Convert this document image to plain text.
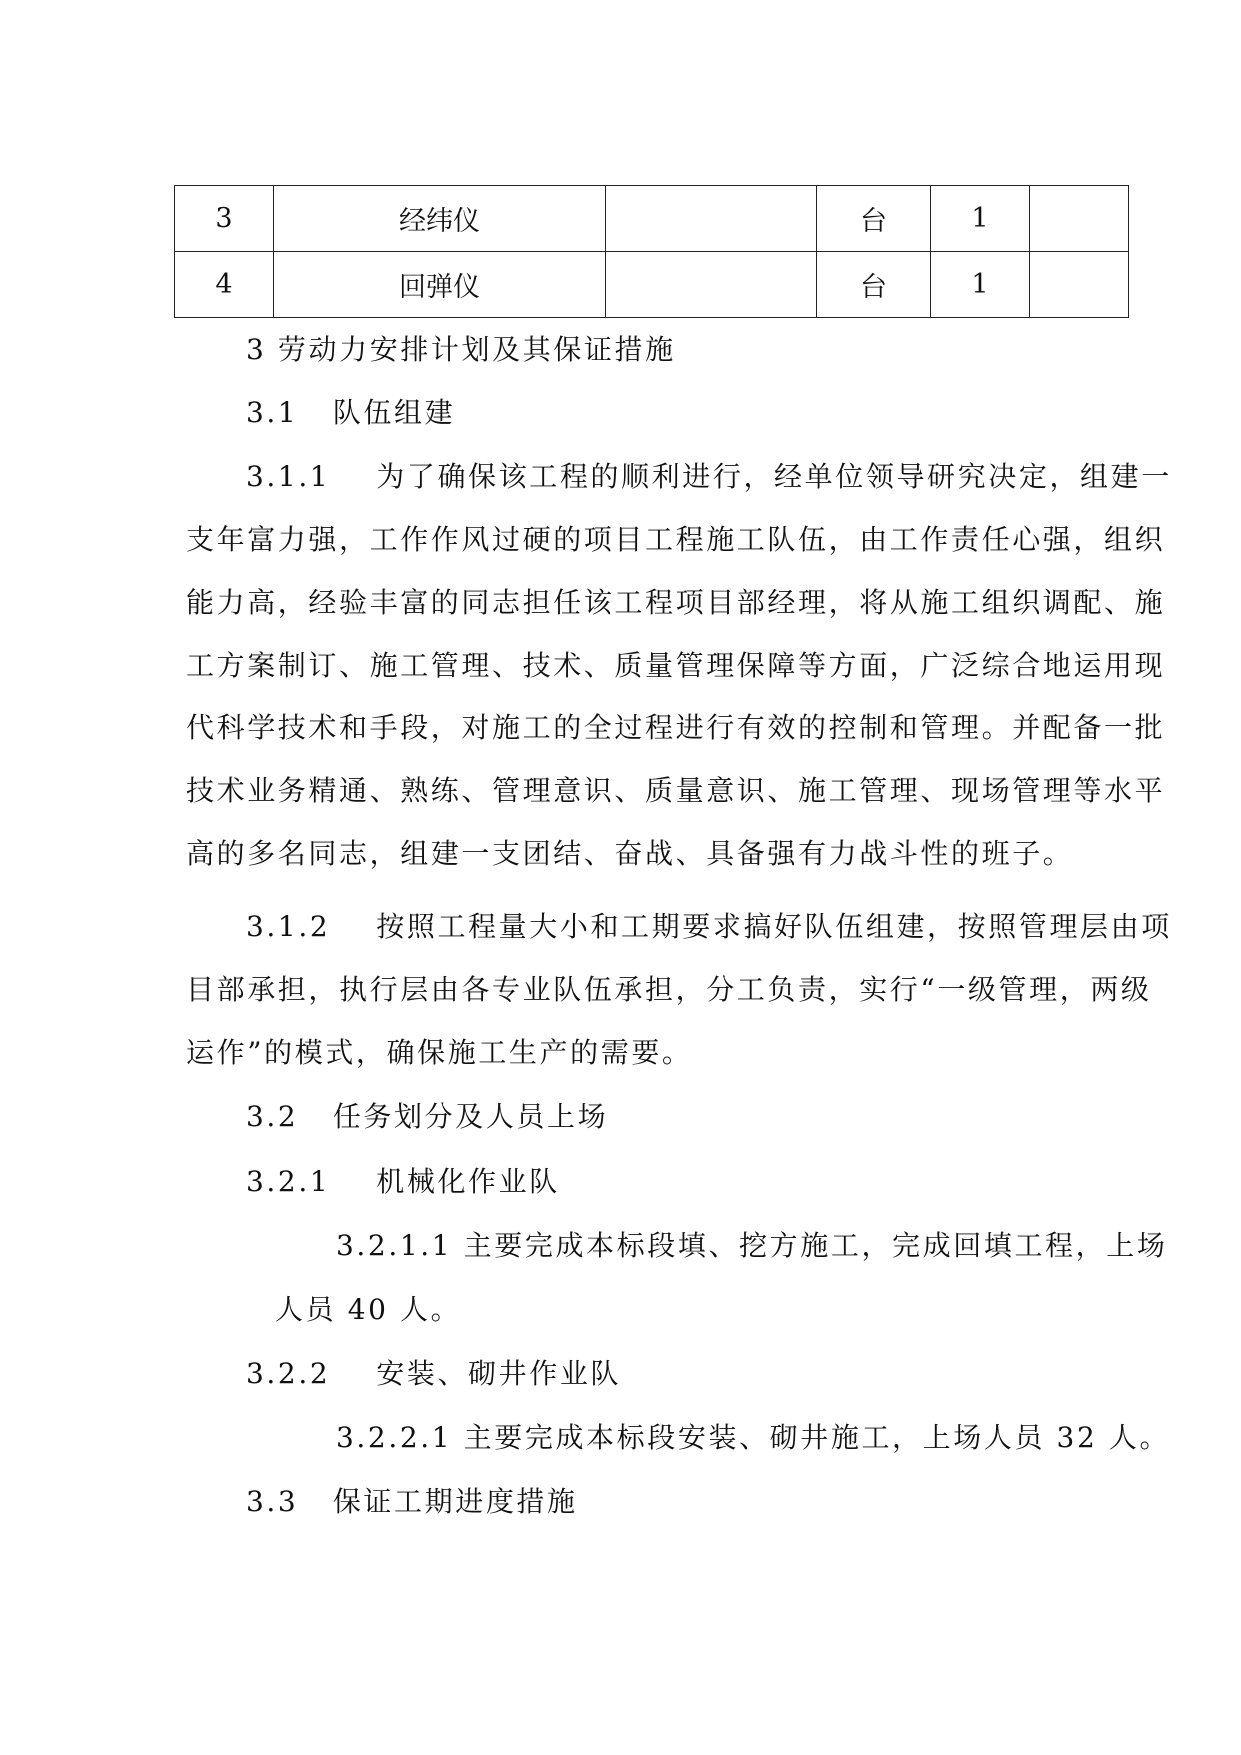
3	经纬仪		台	1	
4	回弹仪		台	1	
3 劳动力安排计划及其保证措施
3.1   队伍组建
3.1.1    为了确保该工程的顺利进行，经单位领导研究决定，组建一
支年富力强，工作作风过硬的项目工程施工队伍，由工作责任心强，组织
能力高，经验丰富的同志担任该工程项目部经理，将从施工组织调配、施
工方案制订、施工管理、技术、质量管理保障等方面，广泛综合地运用现
代科学技术和手段，对施工的全过程进行有效的控制和管理。并配备一批
技术业务精通、熟练、管理意识、质量意识、施工管理、现场管理等水平
高的多名同志，组建一支团结、奋战、具备强有力战斗性的班子。
3.1.2    按照工程量大小和工期要求搞好队伍组建，按照管理层由项
目部承担，执行层由各专业队伍承担，分工负责，实行“一级管理，两级
运作”的模式，确保施工生产的需要。
3.2   任务划分及人员上场
3.2.1    机械化作业队
3.2.1.1 主要完成本标段填、挖方施工，完成回填工程，上场
人员 40 人。
3.2.2    安装、砌井作业队
3.2.2.1 主要完成本标段安装、砌井施工，上场人员 32 人。
3.3   保证工期进度措施
